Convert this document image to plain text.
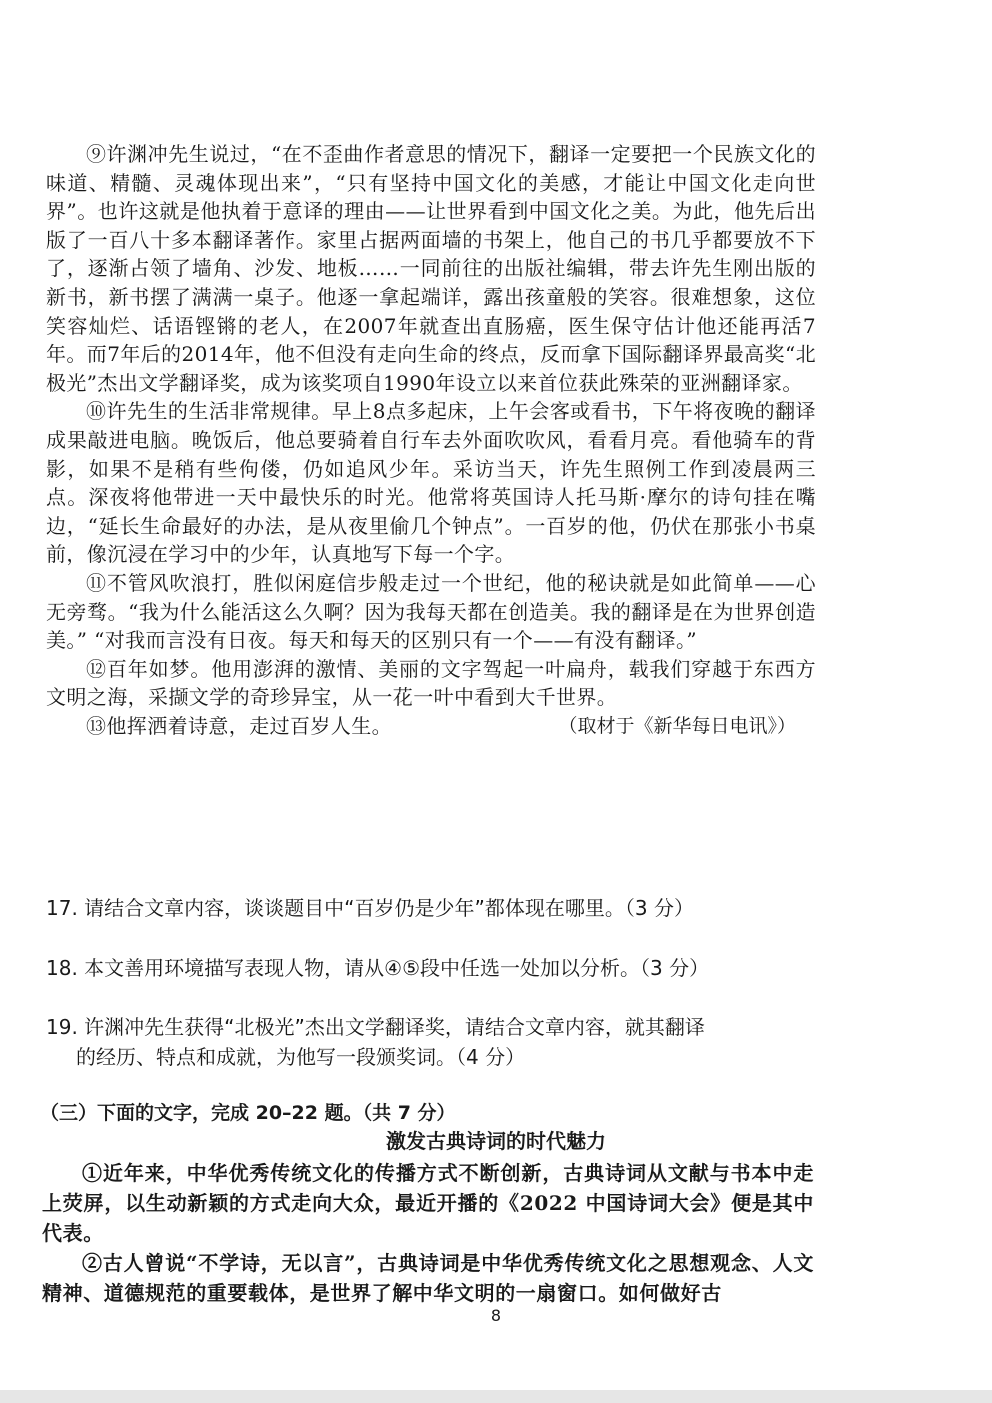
⑨许渊冲先生说过，“在不歪曲作者意思的情况下，翻译一定要把一个民族文化的味道、精髓、灵魂体现出来”，“只有坚持中国文化的美感，才能让中国文化走向世界”。也许这就是他执着于意译的理由——让世界看到中国文化之美。为此，他先后出版了一百八十多本翻译著作。家里占据两面墙的书架上，他自己的书几乎都要放不下了，逐渐占领了墙角、沙发、地板……一同前往的出版社编辑，带去许先生刚出版的新书，新书摆了满满一桌子。他逐一拿起端详，露出孩童般的笑容。很难想象，这位笑容灿烂、话语铿锵的老人，在2007年就查出直肠癌，医生保守估计他还能再活7年。而7年后的2014年，他不但没有走向生命的终点，反而拿下国际翻译界最高奖“北极光”杰出文学翻译奖，成为该奖项自1990年设立以来首位获此殊荣的亚洲翻译家。

⑩许先生的生活非常规律。早上8点多起床，上午会客或看书，下午将夜晚的翻译成果敲进电脑。晚饭后，他总要骑着自行车去外面吹吹风，看看月亮。看他骑车的背影，如果不是稍有些佝偻，仍如追风少年。采访当天，许先生照例工作到凌晨两三点。深夜将他带进一天中最快乐的时光。他常将英国诗人托马斯·摩尔的诗句挂在嘴边，“延长生命最好的办法，是从夜里偷几个钟点”。一百岁的他，仍伏在那张小书桌前，像沉浸在学习中的少年，认真地写下每一个字。

⑪不管风吹浪打，胜似闲庭信步般走过一个世纪，他的秘诀就是如此简单——心无旁骛。“我为什么能活这么久啊？因为我每天都在创造美。我的翻译是在为世界创造美。” “对我而言没有日夜。每天和每天的区别只有一个——有没有翻译。”

⑫百年如梦。他用澎湃的激情、美丽的文字驾起一叶扁舟，载我们穿越于东西方文明之海，采撷文学的奇珍异宝，从一花一叶中看到大千世界。

⑬他挥洒着诗意，走过百岁人生。	（取材于《新华每日电讯》）

17. 请结合文章内容，谈谈题目中“百岁仍是少年”都体现在哪里。（3 分）
18. 本文善用环境描写表现人物，请从④⑤段中任选一处加以分析。（3 分）
19. 许渊冲先生获得“北极光”杰出文学翻译奖，请结合文章内容，就其翻译
的经历、特点和成就，为他写一段颁奖词。（4 分）
（三）下面的文字，完成 20–22 题。（共 7 分）
激发古典诗词的时代魅力

①近年来，中华优秀传统文化的传播方式不断创新，古典诗词从文献与书本中走上荧屏，以生动新颖的方式走向大众，最近开播的《2022 中国诗词大会》便是其中代表。

②古人曾说“不学诗，无以言”，古典诗词是中华优秀传统文化之思想观念、人文精神、道德规范的重要载体，是世界了解中华文明的一扇窗口。如何做好古

8
